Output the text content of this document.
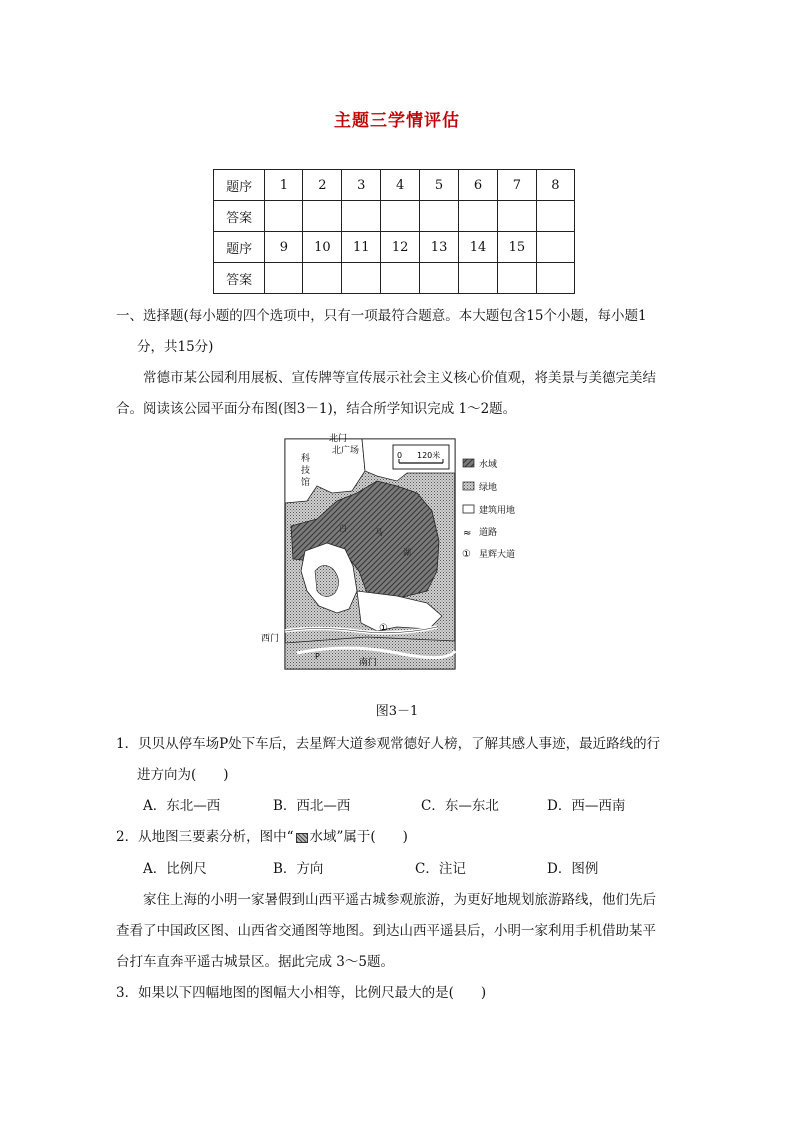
主题三学情评估
题序	1	2	3	4	5	6	7	8
答案								
题序	9	10	11	12	13	14	15	
答案								
一、选择题(每小题的四个选项中，只有一项最符合题意。本大题包含15个小题，每小题1
分，共15分)
常德市某公园利用展板、宣传牌等宣传展示社会主义核心价值观，将美景与美德完美结
合。阅读该公园平面分布图(图3－1)，结合所学知识完成 1～2题。
0 120米
北门
北广场
科
技
馆
西门
南门
P
①
白	马
湖
水域
绿地
建筑用地
≈ 道路
① 星辉大道
图3－1
1．贝贝从停车场P处下车后，去星辉大道参观常德好人榜，了解其感人事迹，最近路线的行
进方向为(　　)
A．东北—西	B．西北—西	C．东—东北	D．西—西南
2．从地图三要素分析，图中“ 水域”属于(　　)
A．比例尺	B．方向	C．注记	D．图例
家住上海的小明一家暑假到山西平遥古城参观旅游，为更好地规划旅游路线，他们先后
查看了中国政区图、山西省交通图等地图。到达山西平遥县后，小明一家利用手机借助某平
台打车直奔平遥古城景区。据此完成 3～5题。
3．如果以下四幅地图的图幅大小相等，比例尺最大的是(　　)
